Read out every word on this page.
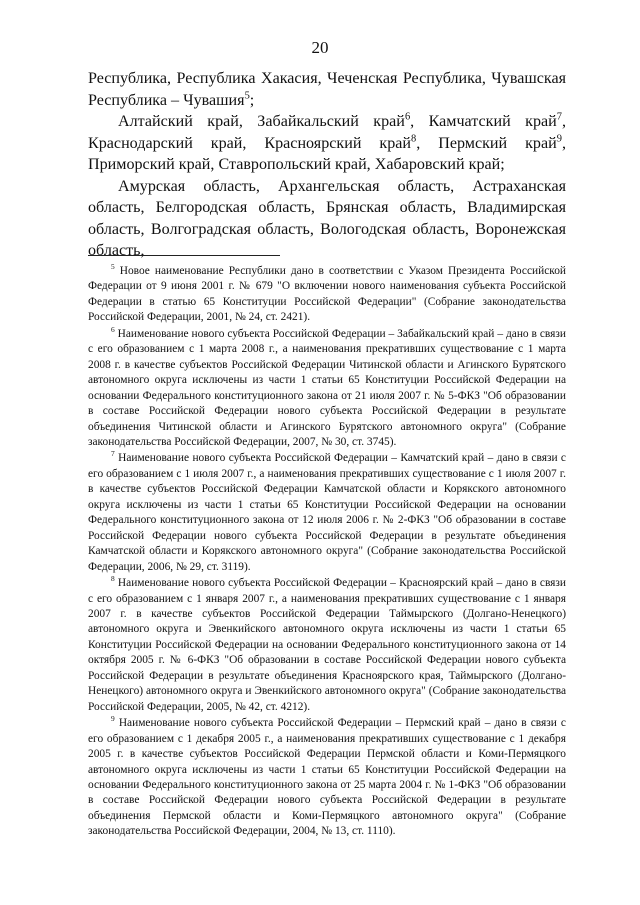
20

Республика, Республика Хакасия, Чеченская Республика, Чувашская Республика – Чувашия$^5$;

Алтайский край, Забайкальский край$^6$, Камчатский край$^7$, Краснодарский край, Красноярский край$^8$, Пермский край$^9$, Приморский край, Ставропольский край, Хабаровский край;

Амурская область, Архангельская область, Астраханская область, Белгородская область, Брянская область, Владимирская область, Волгоградская область, Вологодская область, Воронежская область,

$^5$ Новое наименование Республики дано в соответствии с Указом Президента Российской Федерации от 9 июня 2001 г. № 679 "О включении нового наименования субъекта Российской Федерации в статью 65 Конституции Российской Федерации" (Собрание законодательства Российской Федерации, 2001, № 24, ст. 2421).

$^6$ Наименование нового субъекта Российской Федерации – Забайкальский край – дано в связи с его образованием с 1 марта 2008 г., а наименования прекративших существование с 1 марта 2008 г. в качестве субъектов Российской Федерации Читинской области и Агинского Бурятского автономного округа исключены из части 1 статьи 65 Конституции Российской Федерации на основании Федерального конституционного закона от 21 июля 2007 г. № 5-ФКЗ "Об образовании в составе Российской Федерации нового субъекта Российской Федерации в результате объединения Читинской области и Агинского Бурятского автономного округа" (Собрание законодательства Российской Федерации, 2007, № 30, ст. 3745).

$^7$ Наименование нового субъекта Российской Федерации – Камчатский край – дано в связи с его образованием с 1 июля 2007 г., а наименования прекративших существование с 1 июля 2007 г. в качестве субъектов Российской Федерации Камчатской области и Корякского автономного округа исключены из части 1 статьи 65 Конституции Российской Федерации на основании Федерального конституционного закона от 12 июля 2006 г. № 2-ФКЗ "Об образовании в составе Российской Федерации нового субъекта Российской Федерации в результате объединения Камчатской области и Корякского автономного округа" (Собрание законодательства Российской Федерации, 2006, № 29, ст. 3119).

$^8$ Наименование нового субъекта Российской Федерации – Красноярский край – дано в связи с его образованием с 1 января 2007 г., а наименования прекративших существование с 1 января 2007 г. в качестве субъектов Российской Федерации Таймырского (Долгано-Ненецкого) автономного округа и Эвенкийского автономного округа исключены из части 1 статьи 65 Конституции Российской Федерации на основании Федерального конституционного закона от 14 октября 2005 г. № 6-ФКЗ "Об образовании в составе Российской Федерации нового субъекта Российской Федерации в результате объединения Красноярского края, Таймырского (Долгано-Ненецкого) автономного округа и Эвенкийского автономного округа" (Собрание законодательства Российской Федерации, 2005, № 42, ст. 4212).

$^9$ Наименование нового субъекта Российской Федерации – Пермский край – дано в связи с его образованием с 1 декабря 2005 г., а наименования прекративших существование с 1 декабря 2005 г. в качестве субъектов Российской Федерации Пермской области и Коми-Пермяцкого автономного округа исключены из части 1 статьи 65 Конституции Российской Федерации на основании Федерального конституционного закона от 25 марта 2004 г. № 1-ФКЗ "Об образовании в составе Российской Федерации нового субъекта Российской Федерации в результате объединения Пермской области и Коми-Пермяцкого автономного округа" (Собрание законодательства Российской Федерации, 2004, № 13, ст. 1110).
